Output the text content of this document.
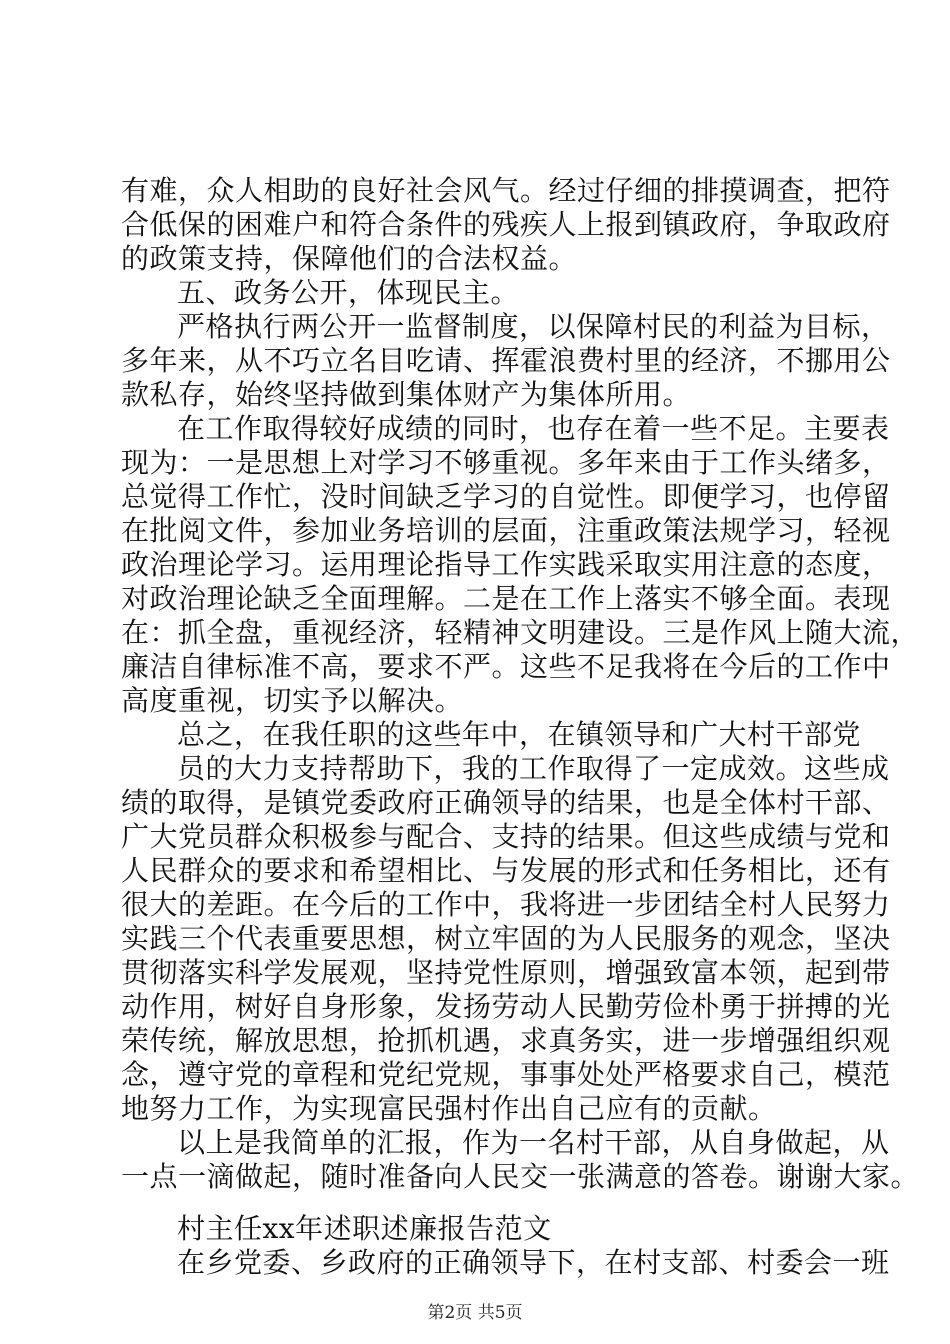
有难，众人相助的良好社会风气。经过仔细的排摸调查，把符
合低保的困难户和符合条件的残疾人上报到镇政府，争取政府
的政策支持，保障他们的合法权益。
五、政务公开，体现民主。
严格执行两公开一监督制度，以保障村民的利益为目标，
多年来，从不巧立名目吃请、挥霍浪费村里的经济，不挪用公
款私存，始终坚持做到集体财产为集体所用。
在工作取得较好成绩的同时，也存在着一些不足。主要表
现为：一是思想上对学习不够重视。多年来由于工作头绪多，
总觉得工作忙，没时间缺乏学习的自觉性。即便学习，也停留
在批阅文件，参加业务培训的层面，注重政策法规学习，轻视
政治理论学习。运用理论指导工作实践采取实用注意的态度，
对政治理论缺乏全面理解。二是在工作上落实不够全面。表现
在：抓全盘，重视经济，轻精神文明建设。三是作风上随大流，
廉洁自律标准不高，要求不严。这些不足我将在今后的工作中
高度重视，切实予以解决。
总之，在我任职的这些年中，在镇领导和广大村干部党
员的大力支持帮助下，我的工作取得了一定成效。这些成
绩的取得，是镇党委政府正确领导的结果，也是全体村干部、
广大党员群众积极参与配合、支持的结果。但这些成绩与党和
人民群众的要求和希望相比、与发展的形式和任务相比，还有
很大的差距。在今后的工作中，我将进一步团结全村人民努力
实践三个代表重要思想，树立牢固的为人民服务的观念，坚决
贯彻落实科学发展观，坚持党性原则，增强致富本领，起到带
动作用，树好自身形象，发扬劳动人民勤劳俭朴勇于拼搏的光
荣传统，解放思想，抢抓机遇，求真务实，进一步增强组织观
念，遵守党的章程和党纪党规，事事处处严格要求自己，模范
地努力工作，为实现富民强村作出自己应有的贡献。
以上是我简单的汇报，作为一名村干部，从自身做起，从
一点一滴做起，随时准备向人民交一张满意的答卷。谢谢大家。
村主任xx年述职述廉报告范文
在乡党委、乡政府的正确领导下，在村支部、村委会一班
第2页 共5页
